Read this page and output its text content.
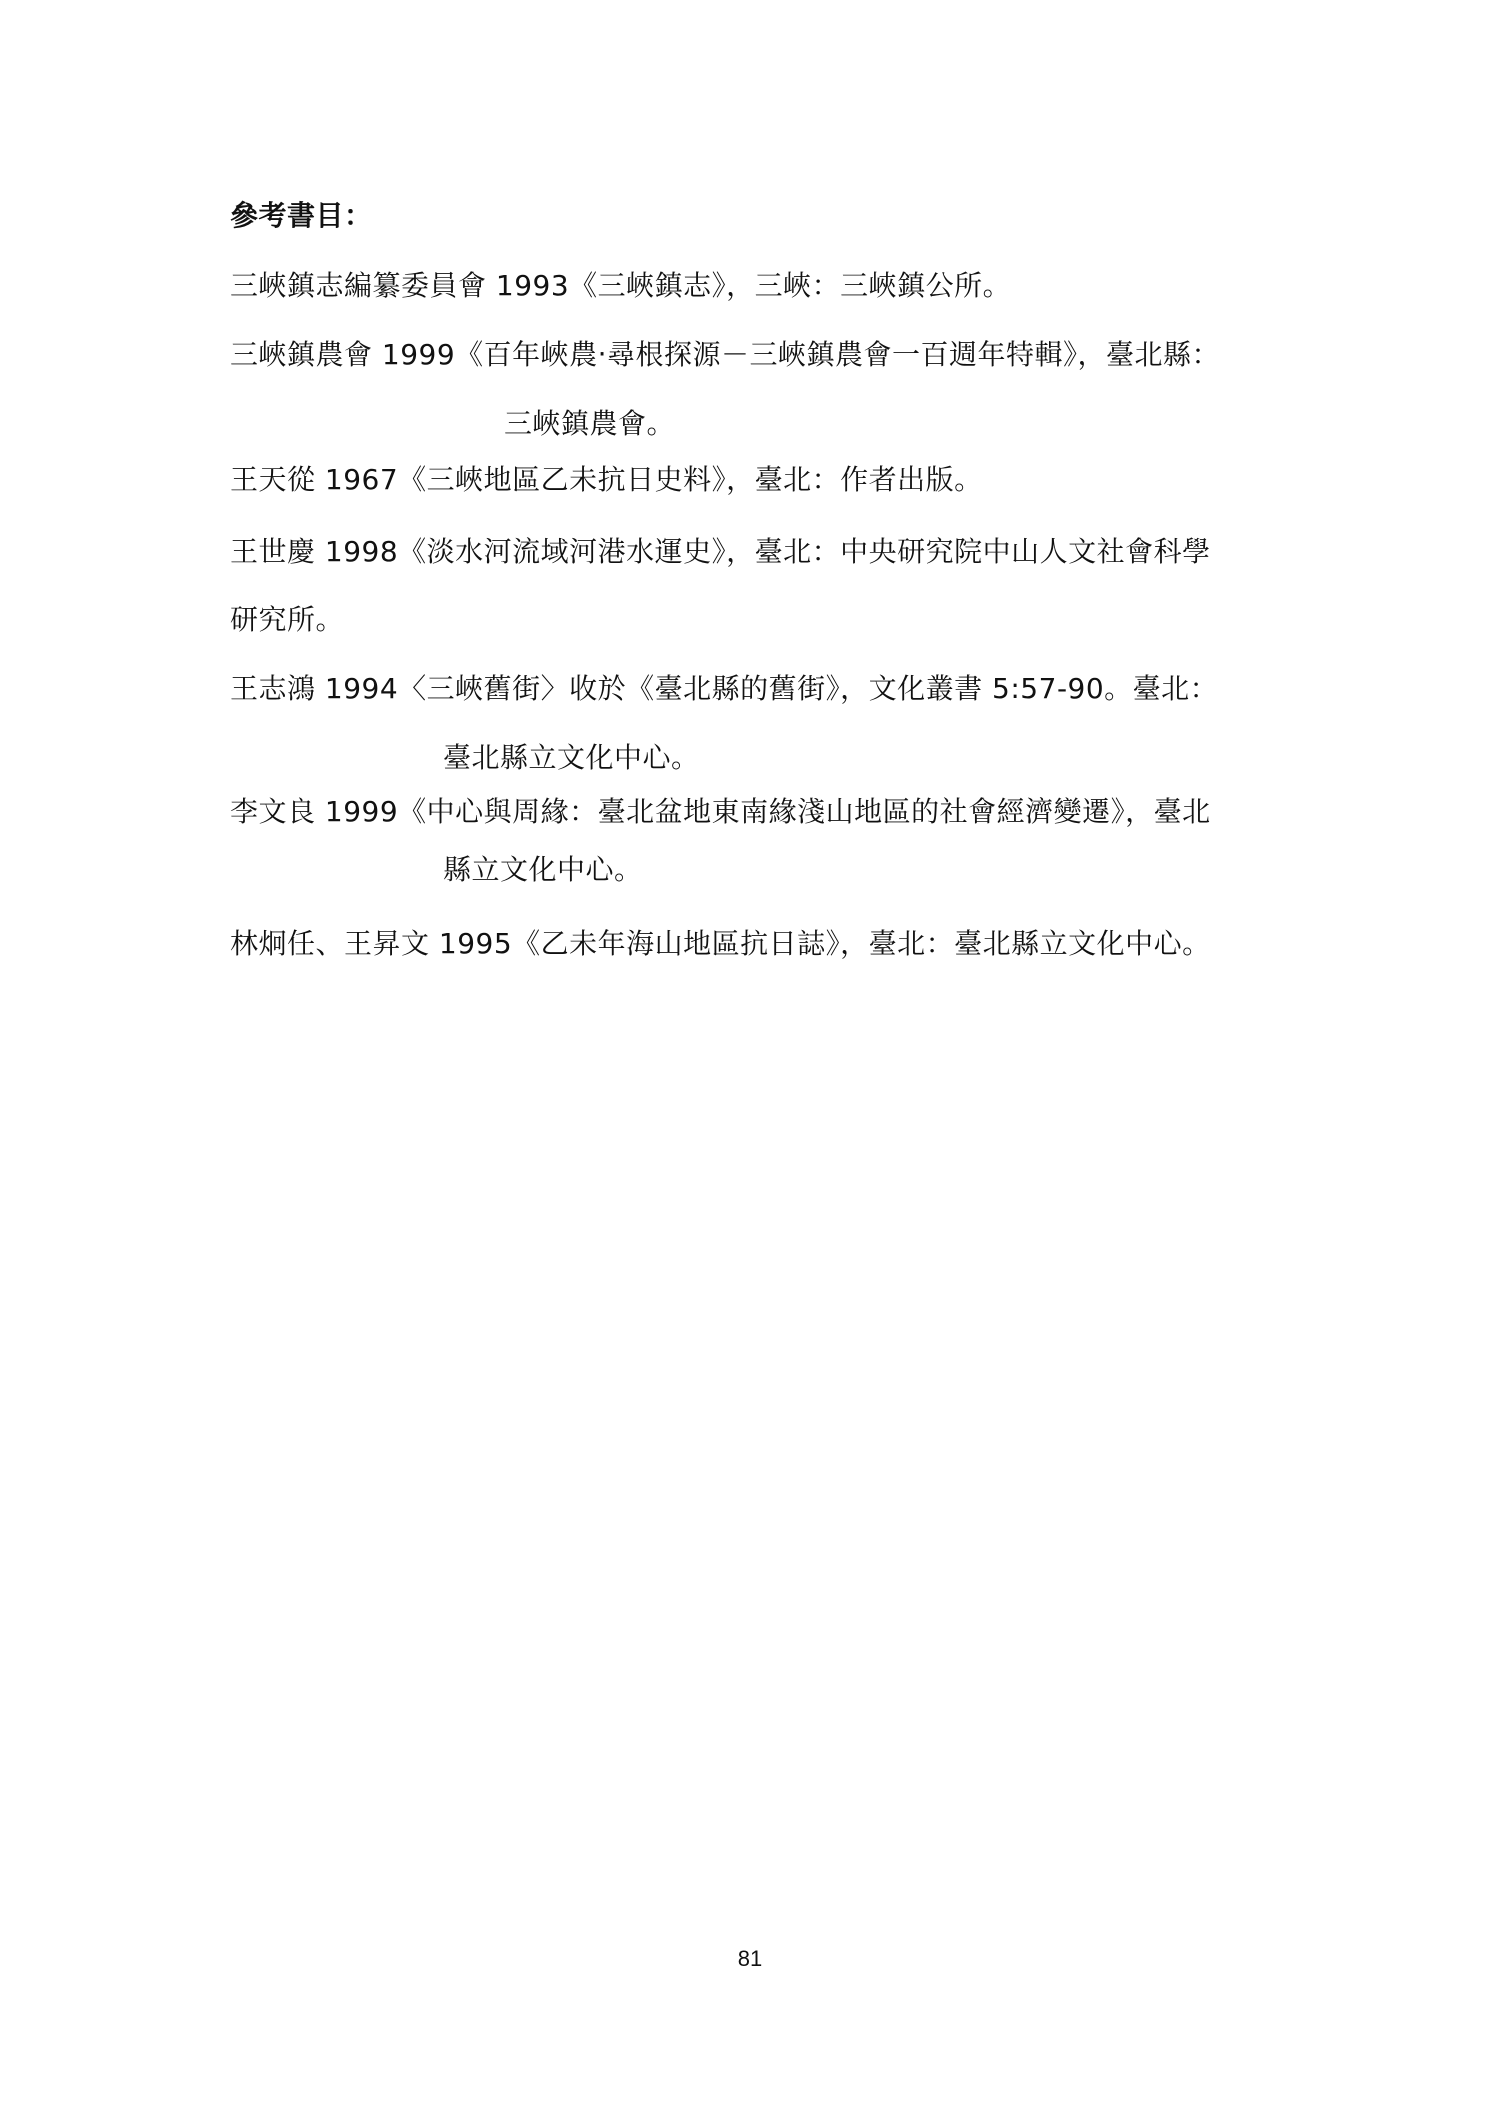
參考書目：
三峽鎮志編纂委員會 1993《三峽鎮志》，三峽：三峽鎮公所。
三峽鎮農會 1999《百年峽農‧尋根探源－三峽鎮農會一百週年特輯》，臺北縣：
三峽鎮農會。
王天從 1967《三峽地區乙未抗日史料》，臺北：作者出版。
王世慶 1998《淡水河流域河港水運史》，臺北：中央研究院中山人文社會科學
研究所。
王志鴻 1994〈三峽舊街〉收於《臺北縣的舊街》，文化叢書 5:57-90。臺北：
臺北縣立文化中心。
李文良 1999《中心與周緣：臺北盆地東南緣淺山地區的社會經濟變遷》，臺北
縣立文化中心。
林炯任、王昇文 1995《乙未年海山地區抗日誌》，臺北：臺北縣立文化中心。
81
